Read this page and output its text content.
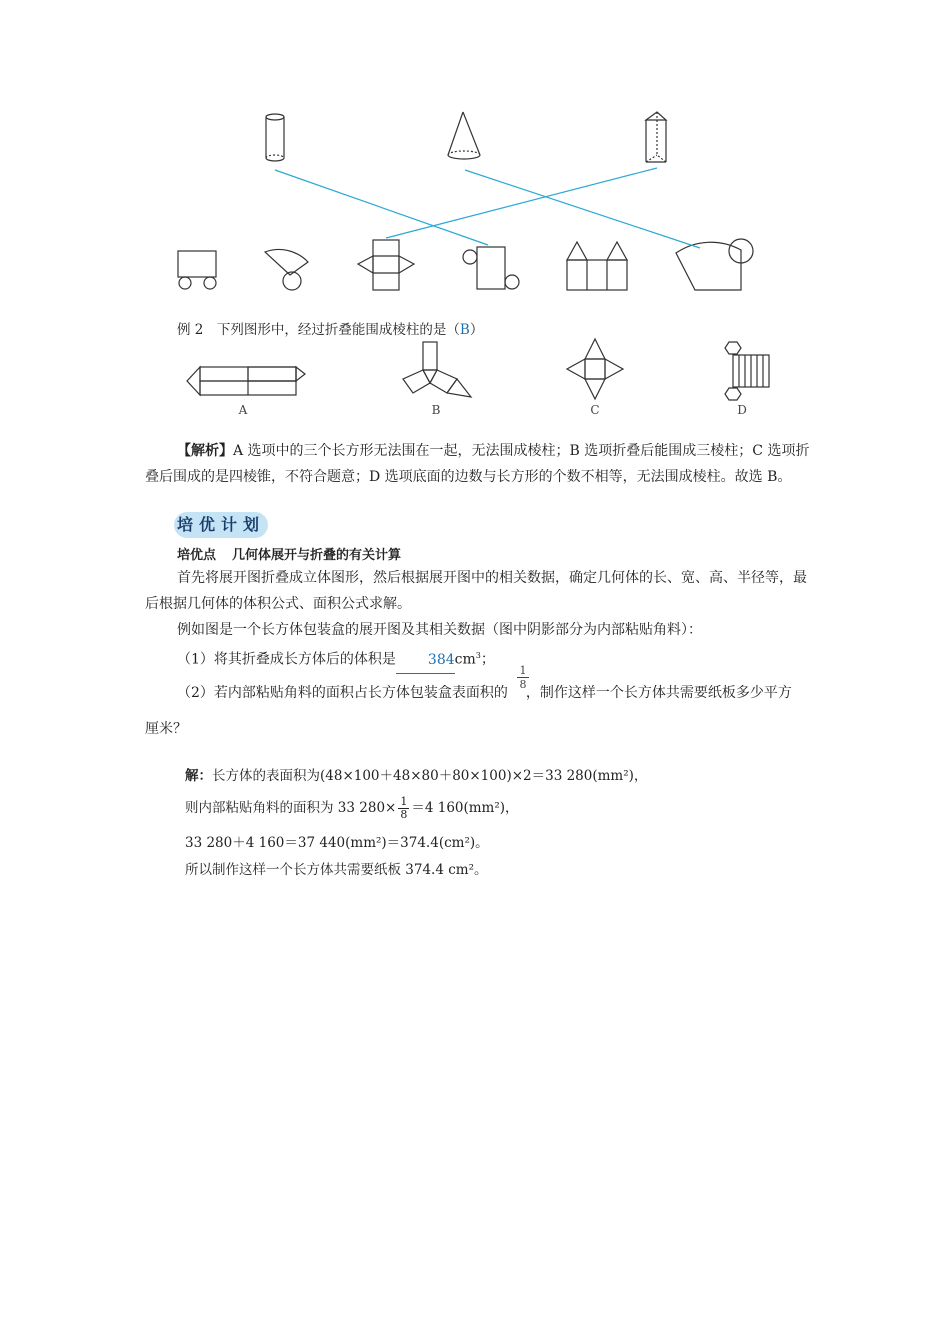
例 2　下列图形中，经过折叠能围成棱柱的是（B）
A	B	C	D
【解析】A 选项中的三个长方形无法围在一起，无法围成棱柱；B 选项折叠后能围成三棱柱；C 选项折叠后围成的是四棱锥，不符合题意；D 选项底面的边数与长方形的个数不相等，无法围成棱柱。故选 B。
培优计划
培优点 几何体展开与折叠的有关计算
首先将展开图折叠成立体图形，然后根据展开图中的相关数据，确定几何体的长、宽、高、半径等，最后根据几何体的体积公式、面积公式求解。
例如图是一个长方体包装盒的展开图及其相关数据（图中阴影部分为内部粘贴角料）：
（1）将其折叠成长方体后的体积是 $384cm^3$；
（2）若内部粘贴角料的面积占长方体包装盒表面积的 ，制作这样一个长方体共需要纸板多少平方
$\frac{1}{8}$
厘米？
解：长方体的表面积为(48×100＋48×80＋80×100)×2＝33 280(mm²)，
则内部粘贴角料的面积为 33 $280\times \frac{1}{8} =4$ 160(mm²)，
33 280＋4 160＝37 440(mm²)＝374.4(cm²)。
所以制作这样一个长方体共需要纸板 374.4 cm²。
